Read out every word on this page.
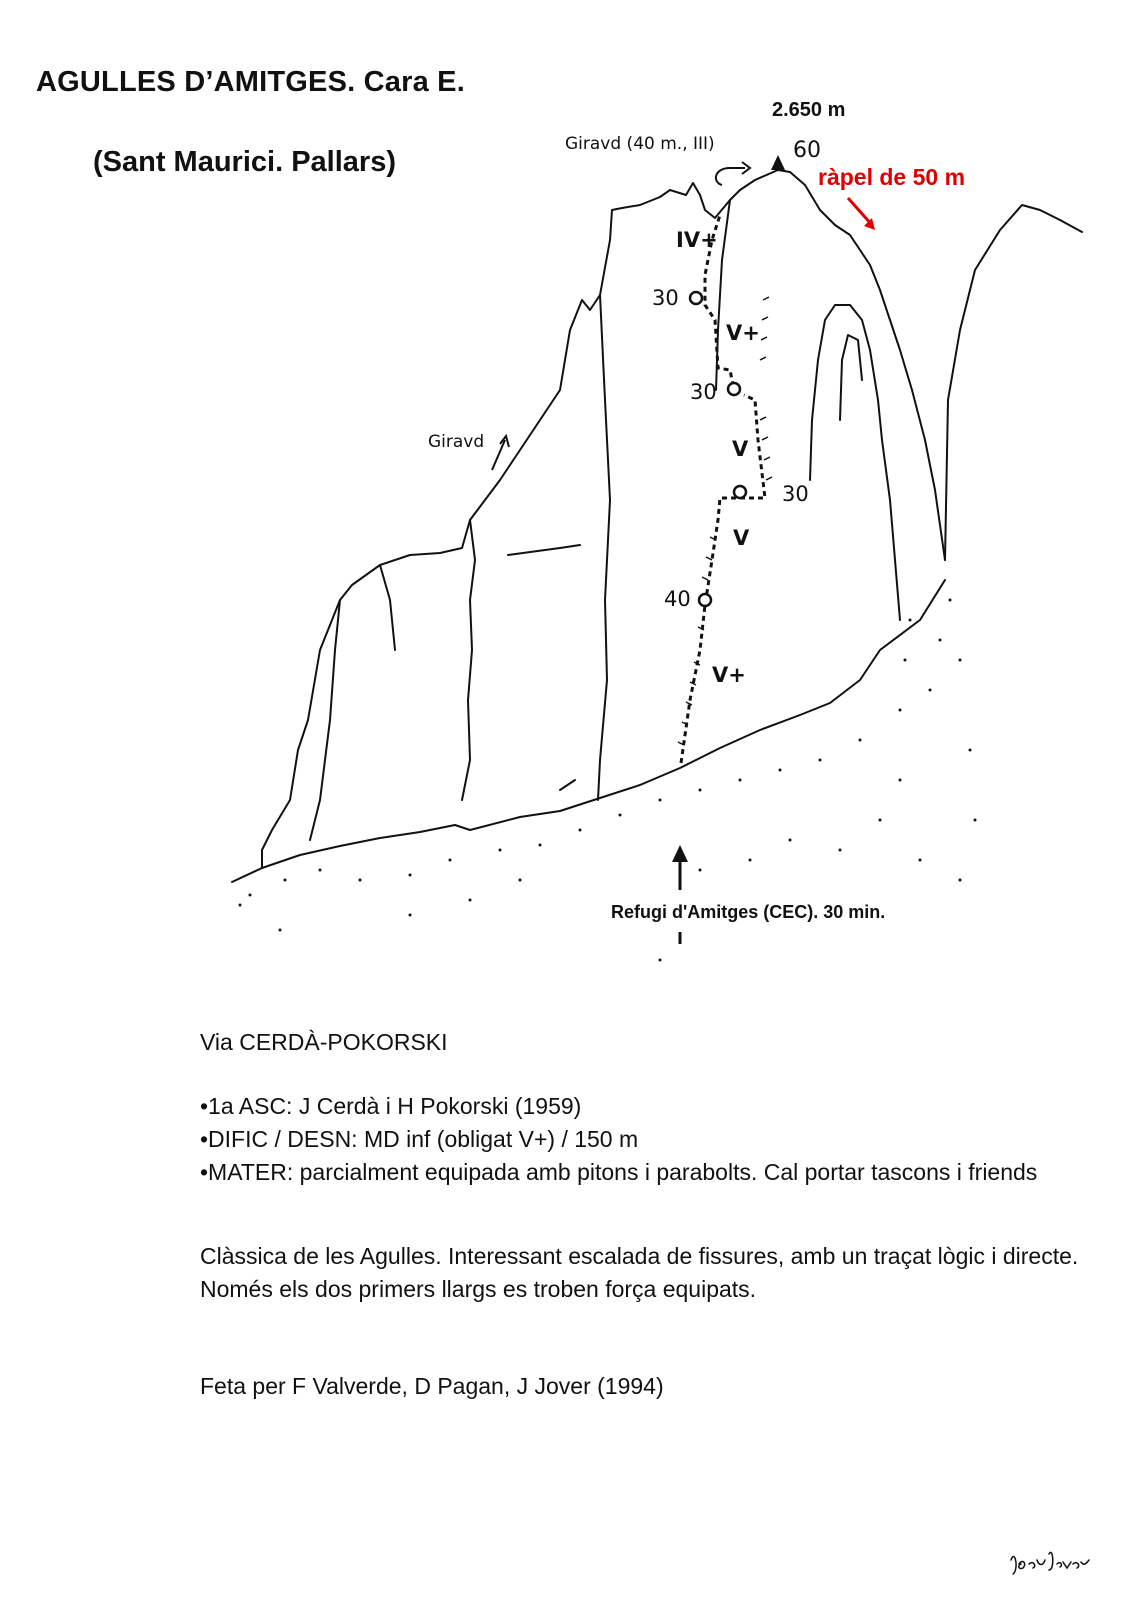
AGULLES D’AMITGES. Cara E.
(Sant Maurici. Pallars)
Giravd (40 m., III)
2.650 m
60
ràpel de 50 m
Giravd
IV+
V+
V
V
V+
30
30
30
40
Refugi d'Amitges (CEC). 30 min.
Via CERDÀ-POKORSKI
•1a ASC: J Cerdà i H Pokorski (1959)
•DIFIC / DESN: MD inf (obligat V+) / 150 m
•MATER: parcialment equipada amb pitons i parabolts. Cal portar tascons i friends
Clàssica de les Agulles. Interessant escalada de fissures, amb un traçat lògic i directe. Només els dos primers llargs es troben força equipats.
Feta per F Valverde, D Pagan, J Jover (1994)
